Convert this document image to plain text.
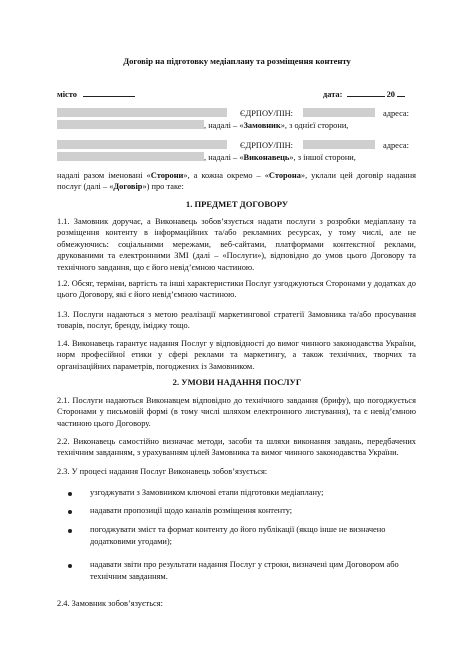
Договір на підготовку медіаплану та розміщення контенту
місто	дата:	20
ЄДРПОУ/ПІН:	адреса:
, надалі – «Замовник», з однієї сторони,
ЄДРПОУ/ПІН:	адреса:
, надалі – «Виконавець», з іншої сторони,
надалі разом іменовані «Сторони», а кожна окремо – «Сторона», уклали цей договір надання
послуг (далі – «Договір») про таке:
1. ПРЕДМЕТ ДОГОВОРУ
1.1. Замовник доручає, а Виконавець зобов’язується надати послуги з розробки медіаплану та розміщення контенту в інформаційних та/або рекламних ресурсах, у тому числі, але не обмежуючись: соціальними мережами, веб-сайтами, платформами контекстної реклами, друкованими та електронними ЗМІ (далі – «Послуги»), відповідно до умов цього Договору та технічного завдання, що є його невід’ємною частиною.
1.2. Обсяг, терміни, вартість та інші характеристики Послуг узгоджуються Сторонами у додатках до цього Договору, які є його невід’ємною частиною.
1.3. Послуги надаються з метою реалізації маркетингової стратегії Замовника та/або просування товарів, послуг, бренду, іміджу тощо.
1.4. Виконавець гарантує надання Послуг у відповідності до вимог чинного законодавства України, норм професійної етики у сфері реклами та маркетингу, а також технічних, творчих та організаційних параметрів, погоджених із Замовником.
2. УМОВИ НАДАННЯ ПОСЛУГ
2.1. Послуги надаються Виконавцем відповідно до технічного завдання (брифу), що погоджується Сторонами у письмовій формі (в тому числі шляхом електронного листування), та є невід’ємною частиною цього Договору.
2.2. Виконавець самостійно визначає методи, засоби та шляхи виконання завдань, передбачених технічним завданням, з урахуванням цілей Замовника та вимог чинного законодавства України.
2.3. У процесі надання Послуг Виконавець зобов’язується:
узгоджувати з Замовником ключові етапи підготовки медіаплану;
надавати пропозиції щодо каналів розміщення контенту;
погоджувати зміст та формат контенту до його публікації (якщо інше не визначено додатковими угодами);
надавати звіти про результати надання Послуг у строки, визначені цим Договором або технічним завданням.
2.4. Замовник зобов’язується:
